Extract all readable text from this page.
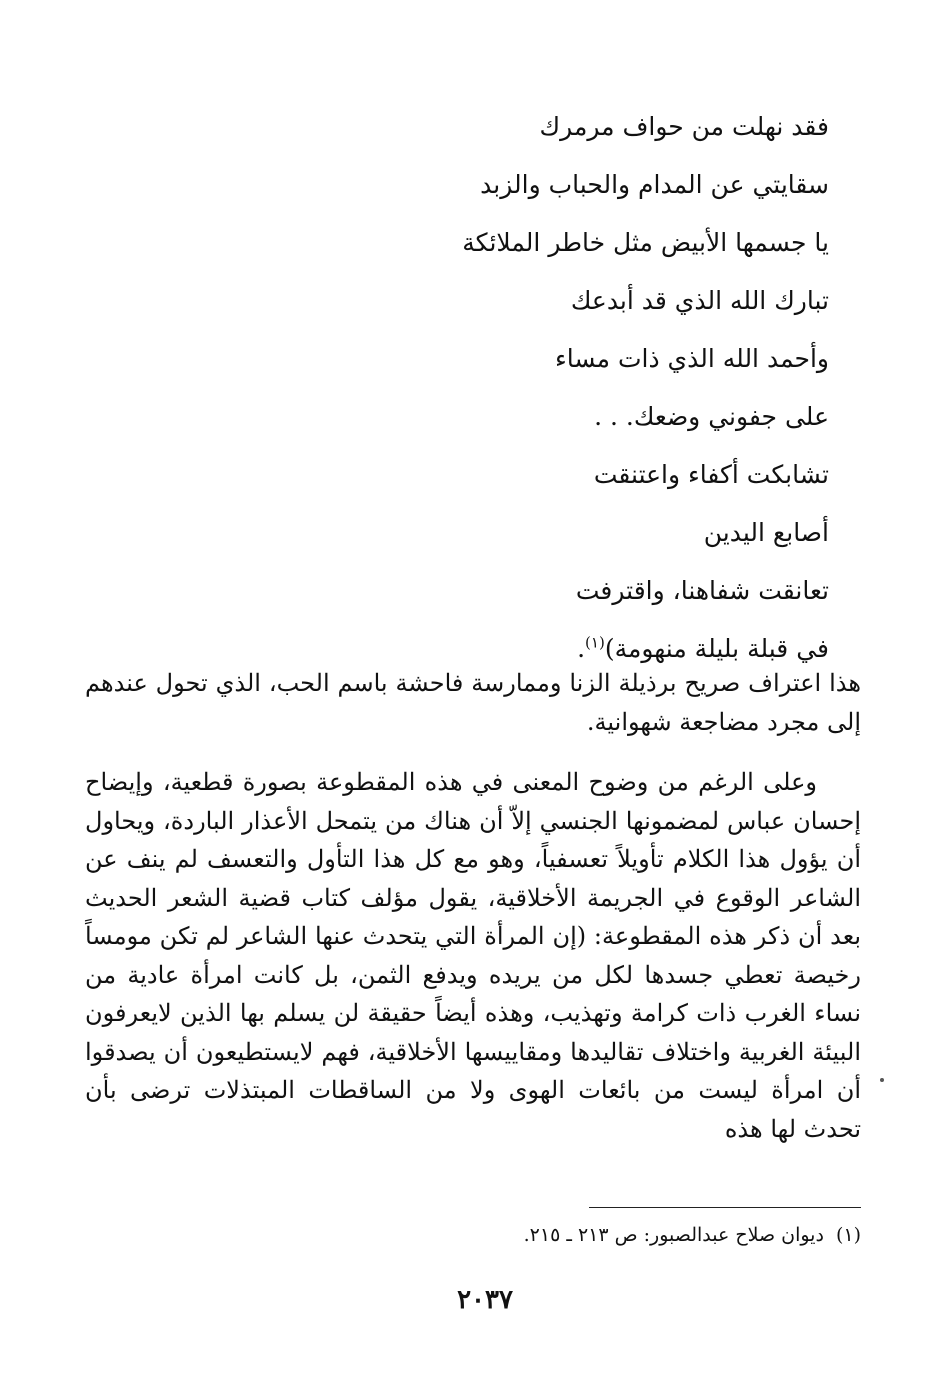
فقد نهلت من حواف مرمرك
سقايتي عن المدام والحباب والزبد
يا جسمها الأبيض مثل خاطر الملائكة
تبارك الله الذي قد أبدعك
وأحمد الله الذي ذات مساء
على جفوني وضعك. . .
تشابكت أكفاء واعتنقت
أصابع اليدين
تعانقت شفاهنا، واقترفت
في قبلة بليلة منهومة)$^{(١)}$.

هذا اعتراف صريح برذيلة الزنا وممارسة فاحشة باسم الحب، الذي تحول عندهم إلى مجرد مضاجعة شهوانية.

وعلى الرغم من وضوح المعنى في هذه المقطوعة بصورة قطعية، وإيضاح إحسان عباس لمضمونها الجنسي إلاّ أن هناك من يتمحل الأعذار الباردة، ويحاول أن يؤول هذا الكلام تأويلاً تعسفياً، وهو مع كل هذا التأول والتعسف لم ينف عن الشاعر الوقوع في الجريمة الأخلاقية، يقول مؤلف كتاب قضية الشعر الحديث بعد أن ذكر هذه المقطوعة: (إن المرأة التي يتحدث عنها الشاعر لم تكن مومساً رخيصة تعطي جسدها لكل من يريده ويدفع الثمن، بل كانت امرأة عادية من نساء الغرب ذات كرامة وتهذيب، وهذه أيضاً حقيقة لن يسلم بها الذين لايعرفون البيئة الغربية واختلاف تقاليدها ومقاييسها الأخلاقية، فهم لايستطيعون أن يصدقوا أن امرأة ليست من بائعات الهوى ولا من الساقطات المبتذلات ترضى بأن تحدث لها هذه

(١)ديوان صلاح عبدالصبور: ص ٢١٣ ـ ٢١٥.
٢٠٣٧
